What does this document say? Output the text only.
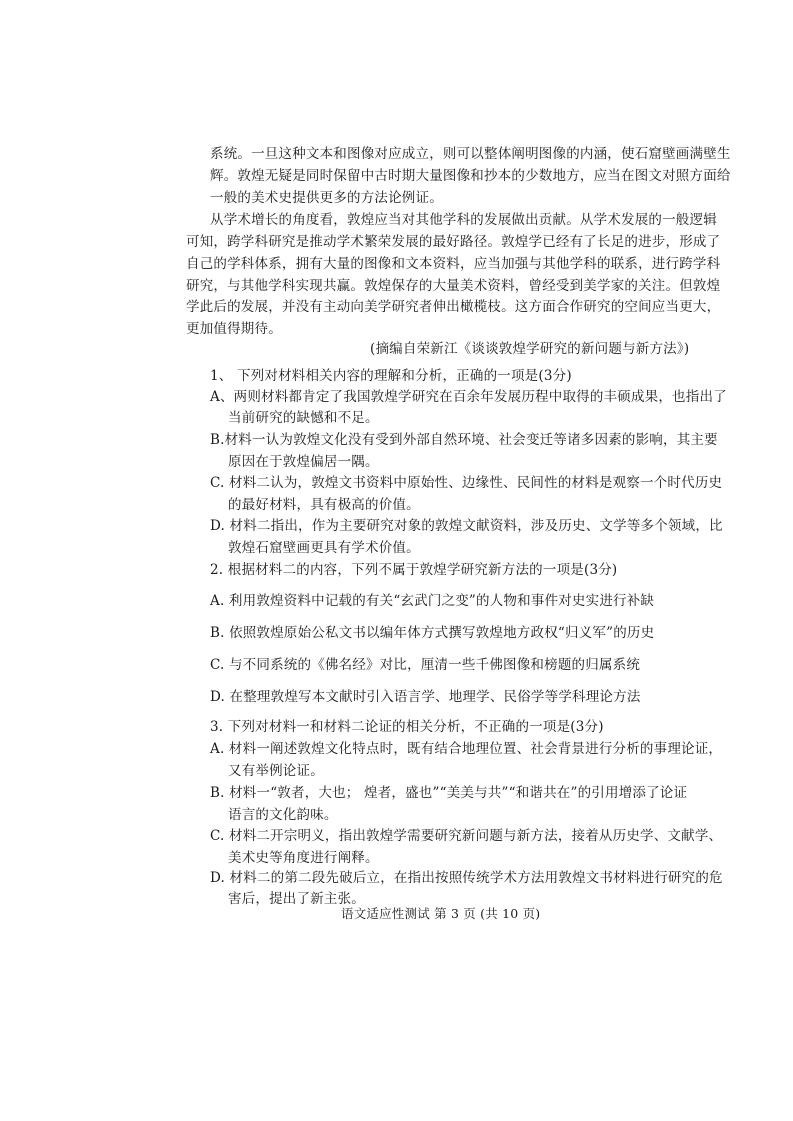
系统。一旦这种文本和图像对应成立，则可以整体阐明图像的内涵，使石窟壁画满壁生
辉。敦煌无疑是同时保留中古时期大量图像和抄本的少数地方，应当在图文对照方面给
一般的美术史提供更多的方法论例证。
从学术增长的角度看，敦煌应当对其他学科的发展做出贡献。从学术发展的一般逻辑
可知，跨学科研究是推动学术繁荣发展的最好路径。敦煌学已经有了长足的进步，形成了
自己的学科体系，拥有大量的图像和文本资料，应当加强与其他学科的联系，进行跨学科
研究，与其他学科实现共赢。敦煌保存的大量美术资料，曾经受到美学家的关注。但敦煌
学此后的发展，并没有主动向美学研究者伸出橄榄枝。这方面合作研究的空间应当更大，
更加值得期待。
(摘编自荣新江《谈谈敦煌学研究的新问题与新方法》)
1、 下列对材料相关内容的理解和分析，正确的一项是(3分)
A、两则材料都肯定了我国敦煌学研究在百余年发展历程中取得的丰硕成果，也指出了
当前研究的缺憾和不足。
B.材料一认为敦煌文化没有受到外部自然环境、社会变迁等诸多因素的影响，其主要
原因在于敦煌偏居一隅。
C. 材料二认为，敦煌文书资料中原始性、边缘性、民间性的材料是观察一个时代历史
的最好材料，具有极高的价值。
D. 材料二指出，作为主要研究对象的敦煌文献资料，涉及历史、文学等多个领域，比
敦煌石窟壁画更具有学术价值。
2. 根据材料二的内容，下列不属于敦煌学研究新方法的一项是(3分)
A. 利用敦煌资料中记载的有关“玄武门之变”的人物和事件对史实进行补缺
B. 依照敦煌原始公私文书以编年体方式撰写敦煌地方政权“归义军”的历史
C. 与不同系统的《佛名经》对比，厘清一些千佛图像和榜题的归属系统
D. 在整理敦煌写本文献时引入语言学、地理学、民俗学等学科理论方法
3. 下列对材料一和材料二论证的相关分析，不正确的一项是(3分)
A. 材料一阐述敦煌文化特点时，既有结合地理位置、社会背景进行分析的事理论证，
又有举例论证。
B. 材料一“敦者，大也； 煌者，盛也”“美美与共”“和谐共在”的引用增添了论证
语言的文化韵味。
C. 材料二开宗明义，指出敦煌学需要研究新问题与新方法，接着从历史学、文献学、
美术史等角度进行阐释。
D. 材料二的第二段先破后立，在指出按照传统学术方法用敦煌文书材料进行研究的危
害后，提出了新主张。
语文适应性测试 第 3 页 (共 10 页)
